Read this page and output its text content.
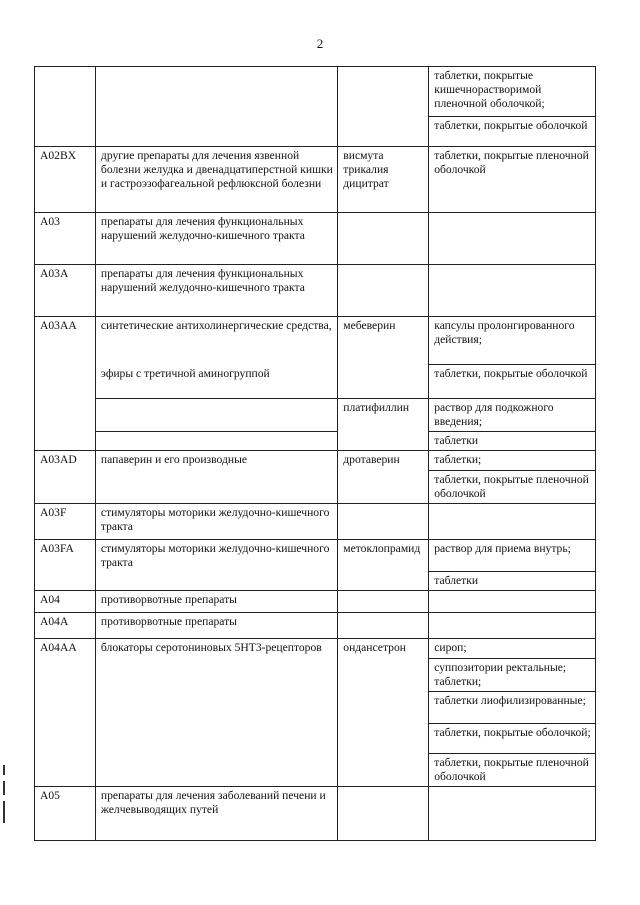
2
			таблетки, покрытые кишечнорастворимой пленочной оболочкой;
			таблетки, покрытые оболочкой
A02BX	другие препараты для лечения язвенной болезни желудка и двенадцатиперстной кишки и гастроэзофагеальной рефлюксной болезни	висмута трикалия дицитрат	таблетки, покрытые пленочной оболочкой
A03	препараты для лечения функциональных нарушений желудочно-кишечного тракта		
A03A	препараты для лечения функциональных нарушений желудочно-кишечного тракта		
A03AA	синтетические антихолинергические средства,	мебеверин	капсулы пролонгированного действия;
	эфиры с третичной аминогруппой		таблетки, покрытые оболочкой
		платифиллин	раствор для подкожного введения;
			таблетки
A03AD	папаверин и его производные	дротаверин	таблетки;
			таблетки, покрытые пленочной оболочкой
A03F	стимуляторы моторики желудочно-кишечного тракта		
A03FA	стимуляторы моторики желудочно-кишечного тракта	метоклопрамид	раствор для приема внутрь;
			таблетки
A04	противорвотные препараты		
A04A	противорвотные препараты		
A04AA	блокаторы серотониновых 5HT3-рецепторов	ондансетрон	сироп;
			суппозитории ректальные; таблетки;
			таблетки лиофилизированные;
			таблетки, покрытые оболочкой;
			таблетки, покрытые пленочной оболочкой
A05	препараты для лечения заболеваний печени и желчевыводящих путей		
